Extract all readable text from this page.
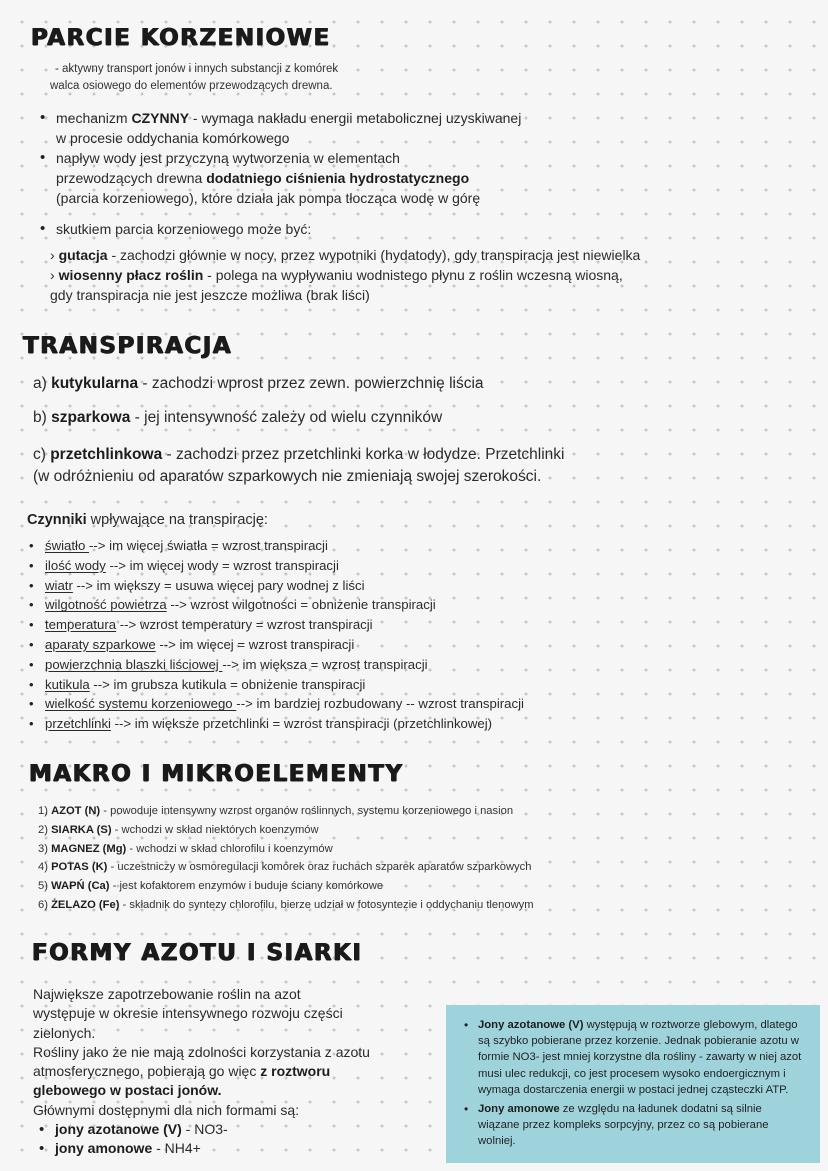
PARCIE KORZENIOWE
- aktywny transport jonów i innych substancji z komórek
walca osiowego do elementów przewodzących drewna.
• mechanizm CZYNNY - wymaga nakładu energii metabolicznej uzyskiwanej
w procesie oddychania komórkowego
• napływ wody jest przyczyną wytworzenia w elementach
przewodzących drewna dodatniego ciśnienia hydrostatycznego
(parcia korzeniowego), które działa jak pompa tłocząca wodę w górę
• skutkiem parcia korzeniowego może być:
› gutacja - zachodzi głównie w nocy, przez wypotniki (hydatody), gdy transpiracja jest niewielka
› wiosenny płacz roślin - polega na wypływaniu wodnistego płynu z roślin wczesną wiosną,
gdy transpiracja nie jest jeszcze możliwa (brak liści)
TRANSPIRACJA
a) kutykularna - zachodzi wprost przez zewn. powierzchnię liścia
b) szparkowa - jej intensywność zależy od wielu czynników
c) przetchlinkowa - zachodzi przez przetchlinki korka w łodydze. Przetchlinki
(w odróżnieniu od aparatów szparkowych nie zmieniają swojej szerokości.
Czynniki wpływające na transpirację:
• światło --> im więcej światła = wzrost transpiracji
• ilość wody --> im więcej wody = wzrost transpiracji
• wiatr --> im większy = usuwa więcej pary wodnej z liści
• wilgotność powietrza --> wzrost wilgotności = obniżenie transpiracji
• temperatura --> wzrost temperatury = wzrost transpiracji
• aparaty szparkowe --> im więcej = wzrost transpiracji
• powierzchnia blaszki liściowej --> im większa = wzrost transpiracji
• kutikula --> im grubsza kutikula = obniżenie transpiracji
• wielkość systemu korzeniowego --> im bardziej rozbudowany -- wzrost transpiracji
• przetchlinki --> im większe przetchlinki = wzrost transpiracji (przetchlinkowej)
MAKRO I MIKROELEMENTY
1) AZOT (N) - powoduje intensywny wzrost organów roślinnych, systemu korzeniowego i nasion
2) SIARKA (S) - wchodzi w skład niektórych koenzymów
3) MAGNEZ (Mg) - wchodzi w skład chlorofilu i koenzymów
4) POTAS (K) - uczestniczy w osmoregulacji komórek oraz ruchach szparek aparatów szparkowych
5) WAPŃ (Ca) - jest kofaktorem enzymów i buduje ściany komórkowe
6) ŻELAZO (Fe) - składnik do syntezy chlorofilu, bierze udział w fotosyntezie i oddychaniu tlenowym
FORMY AZOTU I SIARKI
Największe zapotrzebowanie roślin na azot
występuje w okresie intensywnego rozwoju części
zielonych.
Rośliny jako że nie mają zdolności korzystania z azotu
atmosferycznego, pobierają go więc z roztworu
glebowego w postaci jonów.
Głównymi dostępnymi dla nich formami są:
• jony azotanowe (V) - NO3-
• jony amonowe - NH4+
• Jony azotanowe (V) występują w roztworze glebowym, dlatego są szybko pobierane przez korzenie. Jednak pobieranie azotu w formie NO3- jest mniej korzystne dla rośliny - zawarty w niej azot musi ulec redukcji, co jest procesem wysoko endoergicznym i wymaga dostarczenia energii w postaci jednej cząsteczki ATP.
• Jony amonowe ze względu na ładunek dodatni są silnie wiązane przez kompleks sorpcyjny, przez co są pobierane wolniej.
